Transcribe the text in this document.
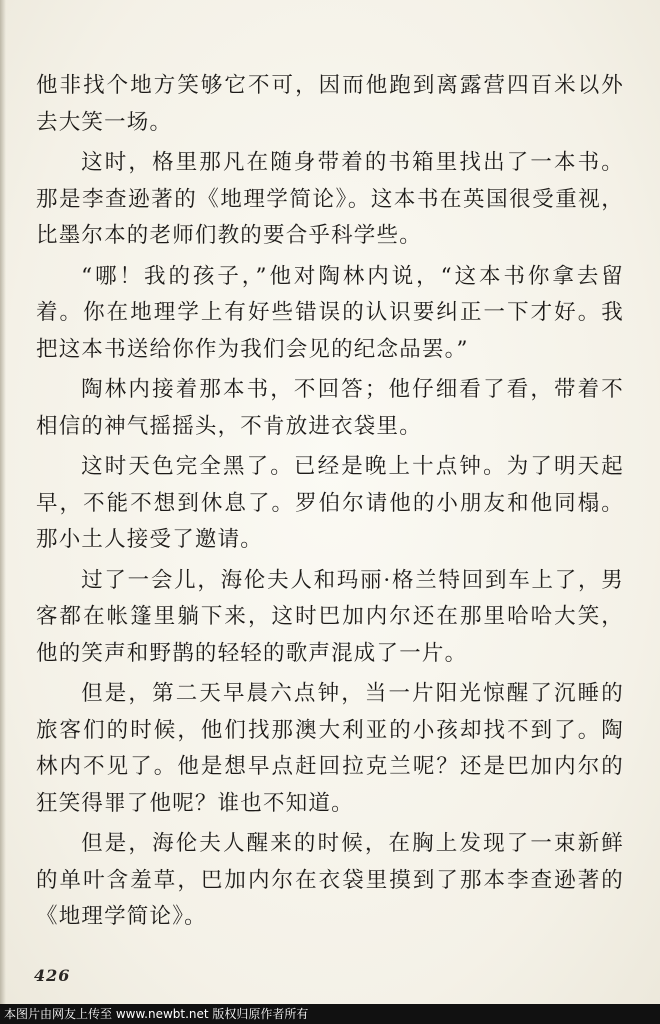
他非找个地方笑够它不可，因而他跑到离露营四百米以外去大笑一场。

这时，格里那凡在随身带着的书箱里找出了一本书。那是李查逊著的《地理学简论》。这本书在英国很受重视，比墨尔本的老师们教的要合乎科学些。

“哪！我的孩子，”他对陶林内说，“这本书你拿去留着。你在地理学上有好些错误的认识要纠正一下才好。我把这本书送给你作为我们会见的纪念品罢。”

陶林内接着那本书，不回答；他仔细看了看，带着不相信的神气摇摇头，不肯放进衣袋里。

这时天色完全黑了。已经是晚上十点钟。为了明天起早，不能不想到休息了。罗伯尔请他的小朋友和他同榻。那小土人接受了邀请。

过了一会儿，海伦夫人和玛丽·格兰特回到车上了，男客都在帐篷里躺下来，这时巴加内尔还在那里哈哈大笑，他的笑声和野鹊的轻轻的歌声混成了一片。

但是，第二天早晨六点钟，当一片阳光惊醒了沉睡的旅客们的时候，他们找那澳大利亚的小孩却找不到了。陶林内不见了。他是想早点赶回拉克兰呢？还是巴加内尔的狂笑得罪了他呢？谁也不知道。

但是，海伦夫人醒来的时候，在胸上发现了一束新鲜的单叶含羞草，巴加内尔在衣袋里摸到了那本李查逊著的《地理学简论》。

426
本图片由网友上传至 www.newbt.net 版权归原作者所有
